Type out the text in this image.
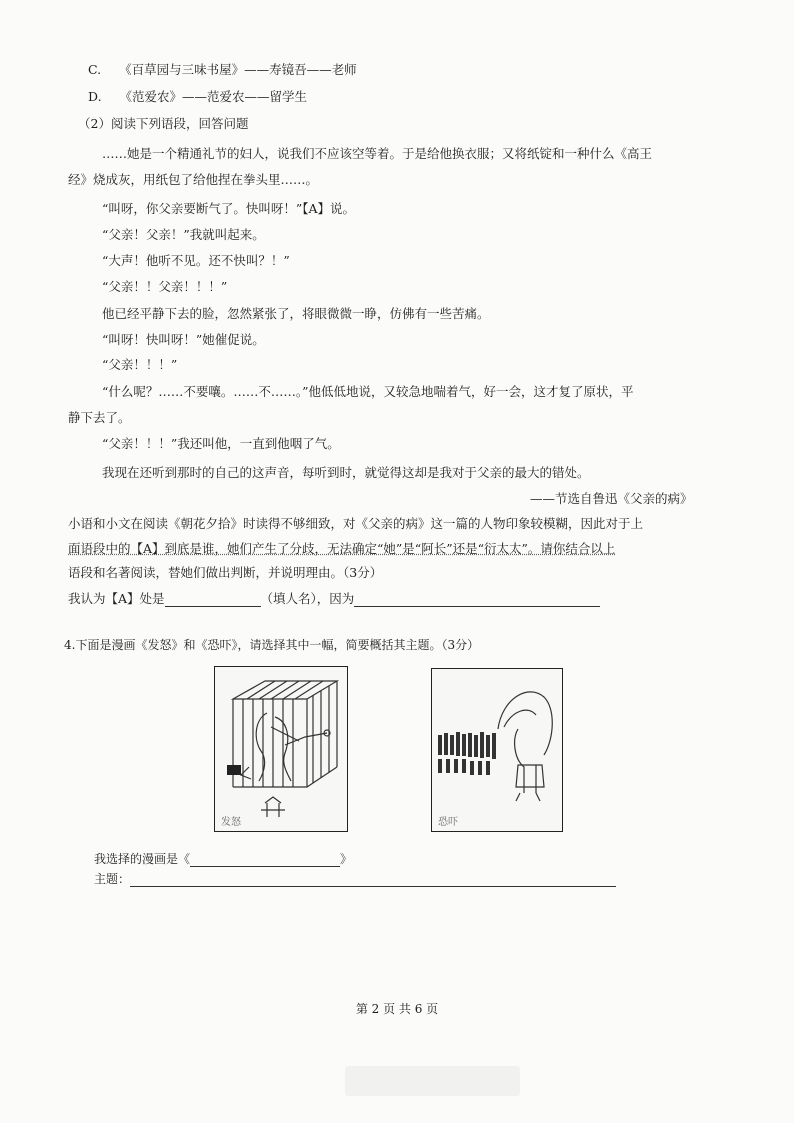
C. 《百草园与三味书屋》——寿镜吾——老师
D. 《范爱农》——范爱农——留学生
（2）阅读下列语段，回答问题
……她是一个精通礼节的妇人，说我们不应该空等着。于是给他换衣服；又将纸锭和一种什么《高王
经》烧成灰，用纸包了给他捏在拳头里……。
“叫呀，你父亲要断气了。快叫呀！”【A】说。
“父亲！父亲！”我就叫起来。
“大声！他听不见。还不快叫？！”
“父亲！！父亲！！！”
他已经平静下去的脸，忽然紧张了，将眼微微一睁，仿佛有一些苦痛。
“叫呀！快叫呀！”她催促说。
“父亲！！！”
“什么呢？……不要嚷。……不……。”他低低地说，又较急地喘着气，好一会，这才复了原状，平
静下去了。
“父亲！！！”我还叫他，一直到他咽了气。
我现在还听到那时的自己的这声音，每听到时，就觉得这却是我对于父亲的最大的错处。
——节选自鲁迅《父亲的病》
小语和小文在阅读《朝花夕拾》时读得不够细致，对《父亲的病》这一篇的人物印象较模糊，因此对于上
面语段中的【A】到底是谁，她们产生了分歧，无法确定“她”是“阿长”还是“衍太太”。请你结合以上
语段和名著阅读，替她们做出判断，并说明理由。（3分）
我认为【A】处是	（填人名），因为
4.下面是漫画《发怒》和《恐吓》，请选择其中一幅，简要概括其主题。（3分）
发怒	恐吓
我选择的漫画是《	》
主题：
第 2 页 共 6 页
